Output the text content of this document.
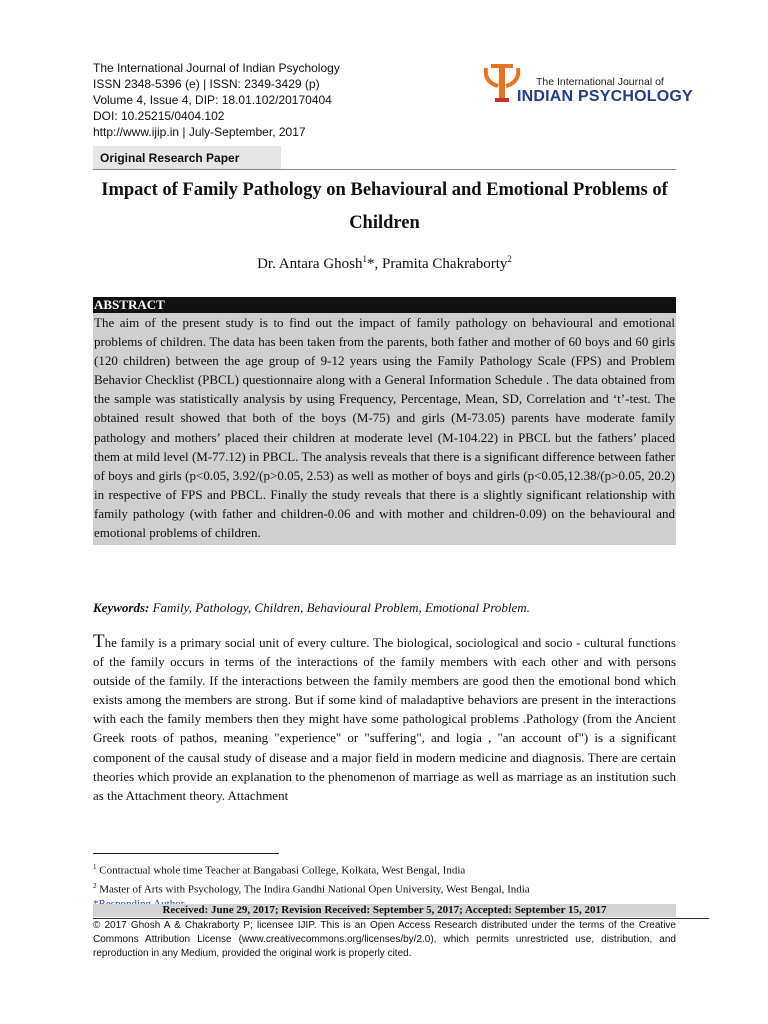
The International Journal of Indian Psychology
ISSN 2348-5396 (e) | ISSN: 2349-3429 (p)
Volume 4, Issue 4, DIP: 18.01.102/20170404
DOI: 10.25215/0404.102
http://www.ijip.in | July-September, 2017
The International Journal of
INDIAN PSYCHOLOGY
Original Research Paper
Impact of Family Pathology on Behavioural and Emotional Problems of Children
Dr. Antara Ghosh$^1$*, Pramita Chakraborty$^2$
ABSTRACT
The aim of the present study is to find out the impact of family pathology on behavioural and emotional problems of children. The data has been taken from the parents, both father and mother of 60 boys and 60 girls (120 children) between the age group of 9-12 years using the Family Pathology Scale (FPS) and Problem Behavior Checklist (PBCL) questionnaire along with a General Information Schedule . The data obtained from the sample was statistically analysis by using Frequency, Percentage, Mean, SD, Correlation and ‘t’-test. The obtained result showed that both of the boys (M-75) and girls (M-73.05) parents have moderate family pathology and mothers’ placed their children at moderate level (M-104.22) in PBCL but the fathers’ placed them at mild level (M-77.12) in PBCL. The analysis reveals that there is a significant difference between father of boys and girls (p<0.05, 3.92/(p>0.05, 2.53) as well as mother of boys and girls (p<0.05,12.38/(p>0.05, 20.2) in respective of FPS and PBCL. Finally the study reveals that there is a slightly significant relationship with family pathology (with father and children-0.06 and with mother and children-0.09) on the behavioural and emotional problems of children.
Keywords: Family, Pathology, Children, Behavioural Problem, Emotional Problem.
The family is a primary social unit of every culture. The biological, sociological and socio - cultural functions of the family occurs in terms of the interactions of the family members with each other and with persons outside of the family. If the interactions between the family members are good then the emotional bond which exists among the members are strong. But if some kind of maladaptive behaviors are present in the interactions with each the family members then they might have some pathological problems .Pathology (from the Ancient Greek roots of pathos, meaning "experience" or "suffering", and logia , "an account of") is a significant component of the causal study of disease and a major field in modern medicine and diagnosis. There are certain theories which provide an explanation to the phenomenon of marriage as well as marriage as an institution such as the Attachment theory. Attachment
$^1$ Contractual whole time Teacher at Bangabasi College, Kolkata, West Bengal, India
$^2$ Master of Arts with Psychology, The Indira Gandhi National Open University, West Bengal, India
Received: June 29, 2017; Revision Received: September 5, 2017; Accepted: September 15, 2017
© 2017 Ghosh A & Chakraborty P; licensee IJIP. This is an Open Access Research distributed under the terms of the Creative Commons Attribution License (www.creativecommons.org/licenses/by/2.0), which permits unrestricted use, distribution, and reproduction in any Medium, provided the original work is properly cited.
